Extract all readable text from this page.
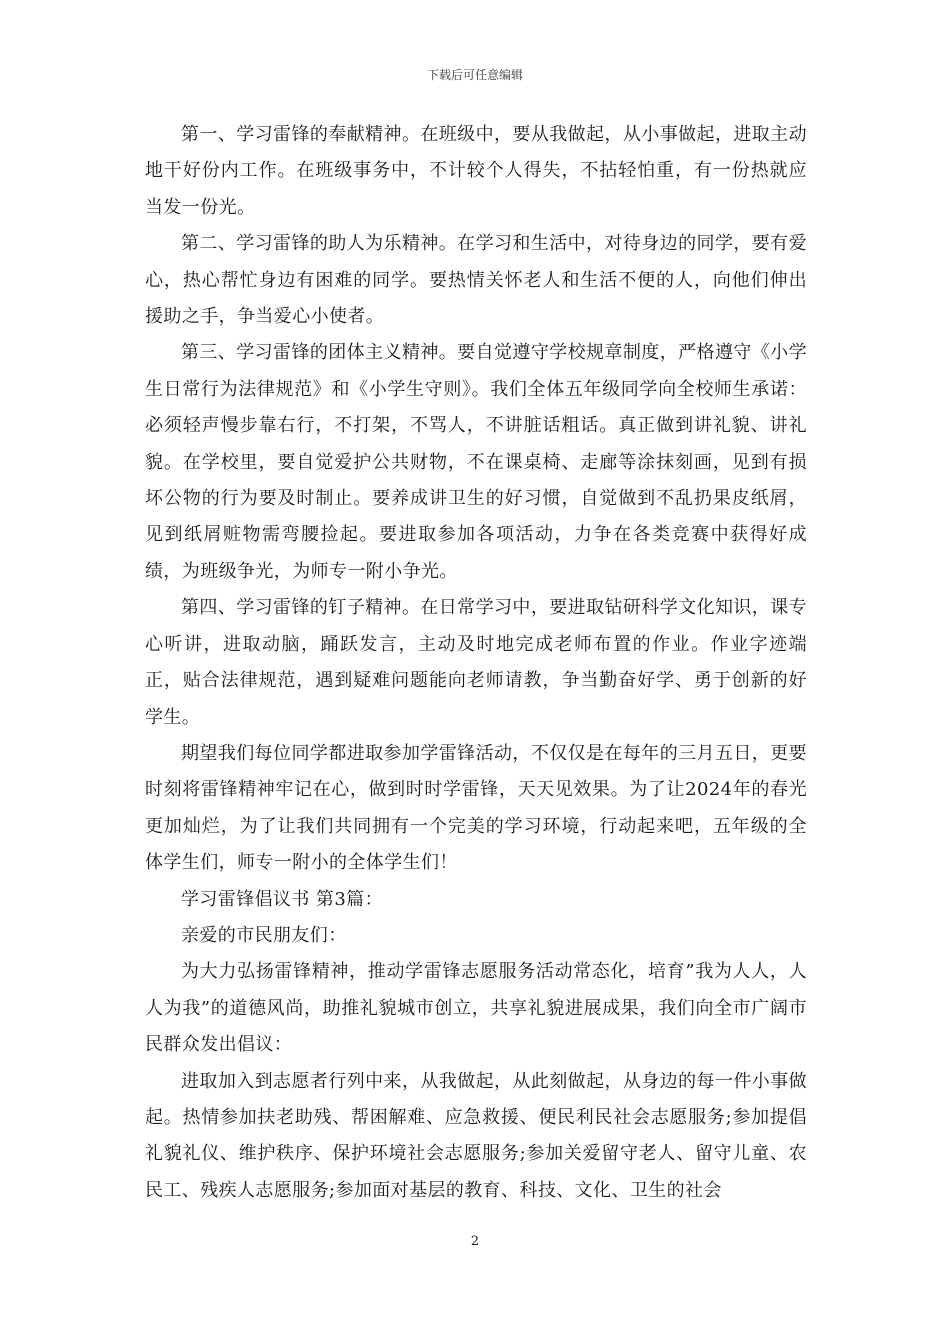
下载后可任意编辑

第一、学习雷锋的奉献精神。在班级中，要从我做起，从小事做起，进取主动地干好份内工作。在班级事务中，不计较个人得失，不拈轻怕重，有一份热就应当发一份光。

第二、学习雷锋的助人为乐精神。在学习和生活中，对待身边的同学，要有爱心，热心帮忙身边有困难的同学。要热情关怀老人和生活不便的人，向他们伸出援助之手，争当爱心小使者。

第三、学习雷锋的团体主义精神。要自觉遵守学校规章制度，严格遵守《小学生日常行为法律规范》和《小学生守则》。我们全体五年级同学向全校师生承诺：必须轻声慢步靠右行，不打架，不骂人，不讲脏话粗话。真正做到讲礼貌、讲礼貌。在学校里，要自觉爱护公共财物，不在课桌椅、走廊等涂抹刻画，见到有损坏公物的行为要及时制止。要养成讲卫生的好习惯，自觉做到不乱扔果皮纸屑，见到纸屑赃物需弯腰捡起。要进取参加各项活动，力争在各类竞赛中获得好成绩，为班级争光，为师专一附小争光。

第四、学习雷锋的钉子精神。在日常学习中，要进取钻研科学文化知识，课专心听讲，进取动脑，踊跃发言，主动及时地完成老师布置的作业。作业字迹端正，贴合法律规范，遇到疑难问题能向老师请教，争当勤奋好学、勇于创新的好学生。

期望我们每位同学都进取参加学雷锋活动，不仅仅是在每年的三月五日，更要时刻将雷锋精神牢记在心，做到时时学雷锋，天天见效果。为了让2024年的春光更加灿烂，为了让我们共同拥有一个完美的学习环境，行动起来吧，五年级的全体学生们，师专一附小的全体学生们！

学习雷锋倡议书 第3篇：

亲爱的市民朋友们：

为大力弘扬雷锋精神，推动学雷锋志愿服务活动常态化，培育”我为人人，人人为我”的道德风尚，助推礼貌城市创立，共享礼貌进展成果，我们向全市广阔市民群众发出倡议：

进取加入到志愿者行列中来，从我做起，从此刻做起，从身边的每一件小事做起。热情参加扶老助残、帮困解难、应急救援、便民利民社会志愿服务;参加提倡礼貌礼仪、维护秩序、保护环境社会志愿服务;参加关爱留守老人、留守儿童、农民工、残疾人志愿服务;参加面对基层的教育、科技、文化、卫生的社会

2
